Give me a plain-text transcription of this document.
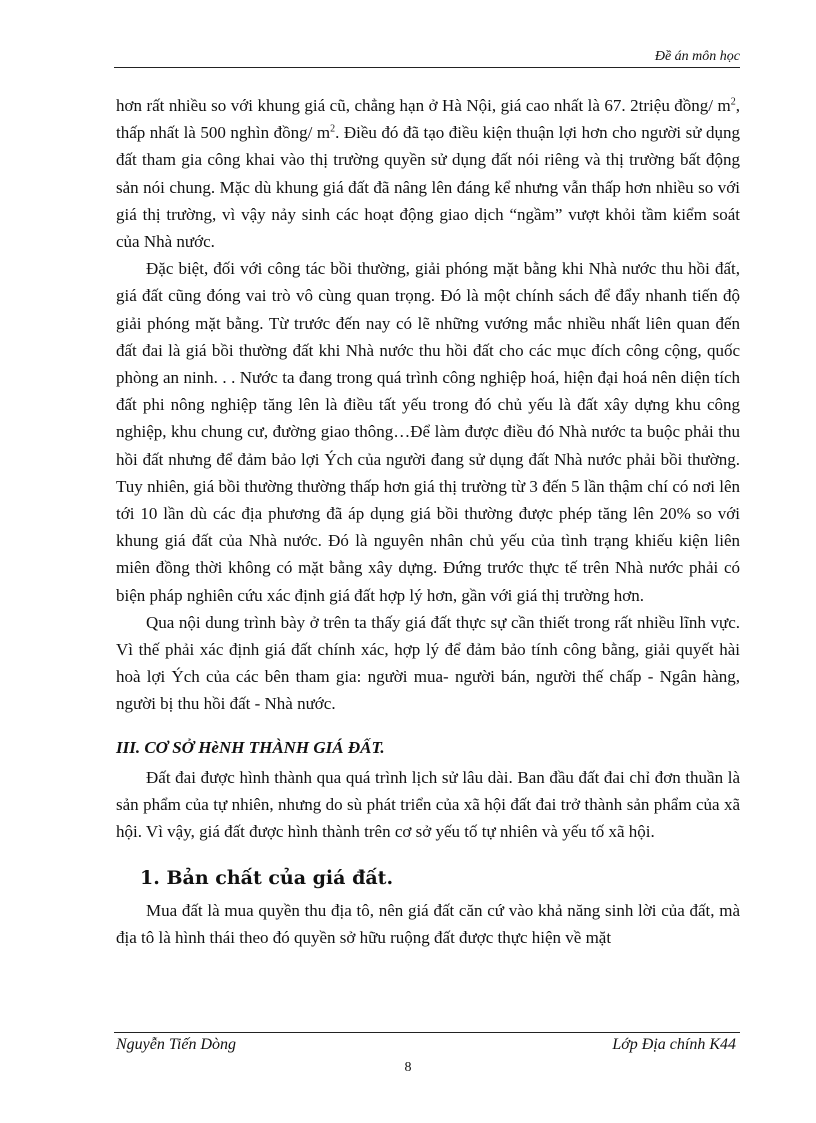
Đề án môn học

hơn rất nhiều so với khung giá cũ, chẳng hạn ở Hà Nội, giá cao nhất là 67. 2triệu đồng/ $m^2$, thấp nhất là 500 nghìn đồng/ $m^2$. Điều đó đã tạo điều kiện thuận lợi hơn cho người sử dụng đất tham gia công khai vào thị trường quyền sử dụng đất nói riêng và thị trường bất động sản nói chung. Mặc dù khung giá đất đã nâng lên đáng kể nhưng vẫn thấp hơn nhiều so với giá thị trường, vì vậy nảy sinh các hoạt động giao dịch “ngầm” vượt khỏi tầm kiểm soát của Nhà nước.

Đặc biệt, đối với công tác bồi thường, giải phóng mặt bằng khi Nhà nước thu hồi đất, giá đất cũng đóng vai trò vô cùng quan trọng. Đó là một chính sách để đẩy nhanh tiến độ giải phóng mặt bằng. Từ trước đến nay có lẽ những vướng mắc nhiều nhất liên quan đến đất đai là giá bồi thường đất khi Nhà nước thu hồi đất cho các mục đích công cộng, quốc phòng an ninh. . . Nước ta đang trong quá trình công nghiệp hoá, hiện đại hoá nên diện tích đất phi nông nghiệp tăng lên là điều tất yếu trong đó chủ yếu là đất xây dựng khu công nghiệp, khu chung cư, đường giao thông…Để làm được điều đó Nhà nước ta buộc phải thu hồi đất nhưng để đảm bảo lợi Ých của người đang sử dụng đất Nhà nước phải bồi thường. Tuy nhiên, giá bồi thường thường thấp hơn giá thị trường từ 3 đến 5 lần thậm chí có nơi lên tới 10 lần dù các địa phương đã áp dụng giá bồi thường được phép tăng lên 20% so với khung giá đất của Nhà nước. Đó là nguyên nhân chủ yếu của tình trạng khiếu kiện liên miên đồng thời không có mặt bằng xây dựng. Đứng trước thực tế trên Nhà nước phải có biện pháp nghiên cứu xác định giá đất hợp lý hơn, gần với giá thị trường hơn.

Qua nội dung trình bày ở trên ta thấy giá đất thực sự cần thiết trong rất nhiều lĩnh vực. Vì thế phải xác định giá đất chính xác, hợp lý để đảm bảo tính công bằng, giải quyết hài hoà lợi Ých của các bên tham gia: người mua- người bán, người thế chấp - Ngân hàng, người bị thu hồi đất - Nhà nước.

III. CƠ SỞ HèNH THÀNH GIÁ ĐẤT.

Đất đai được hình thành qua quá trình lịch sử lâu dài. Ban đầu đất đai chỉ đơn thuần là sản phẩm của tự nhiên, nhưng do sù phát triển của xã hội đất đai trở thành sản phẩm của xã hội. Vì vậy, giá đất được hình thành trên cơ sở yếu tố tự nhiên và yếu tố xã hội.

1. Bản chất của giá đất.

Mua đất là mua quyền thu địa tô, nên giá đất căn cứ vào khả năng sinh lời của đất, mà địa tô là hình thái theo đó quyền sở hữu ruộng đất được thực hiện về mặt

Nguyễn Tiến Dòng	Lớp Địa chính K44
8
